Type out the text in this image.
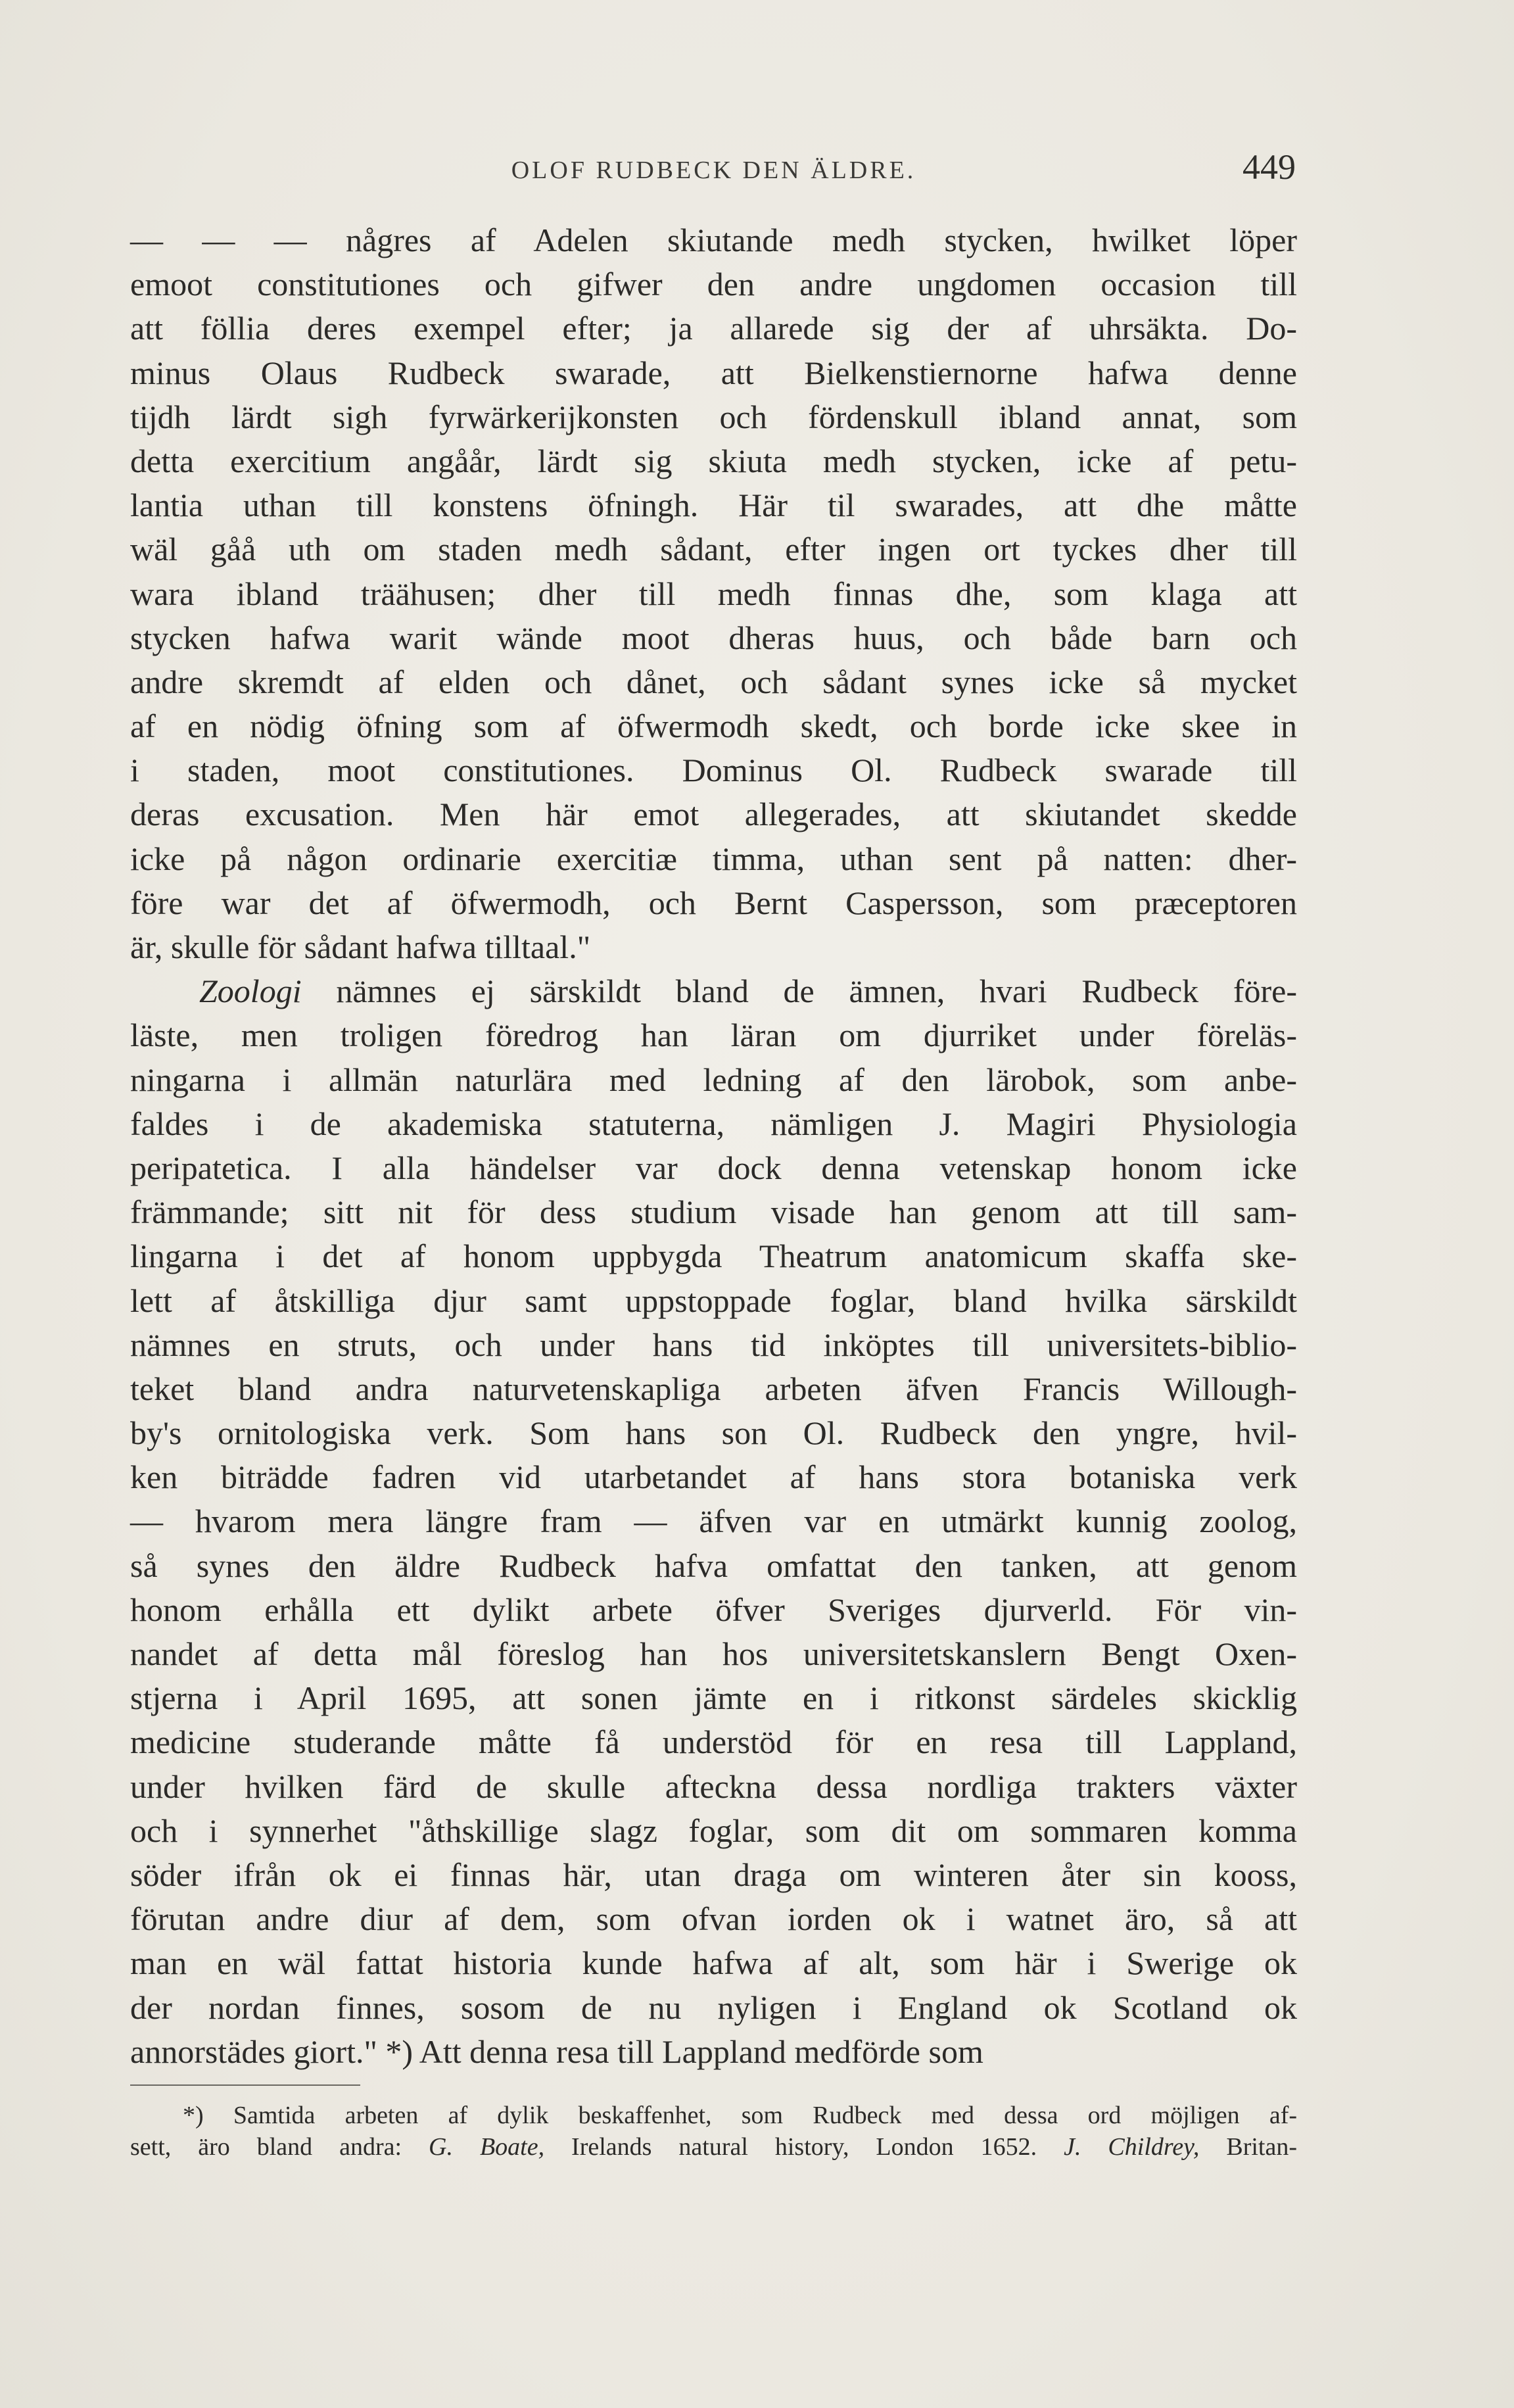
OLOF RUDBECK DEN ÄLDRE.	449
— — — någres af Adelen skiutande medh stycken, hwilket löper
emoot constitutiones och gifwer den andre ungdomen occasion till
att föllia deres exempel efter; ja allarede sig der af uhrsäkta. Do-
minus Olaus Rudbeck swarade, att Bielkenstiernorne hafwa denne
tijdh lärdt sigh fyrwärkerijkonsten och fördenskull ibland annat, som
detta exercitium angåår, lärdt sig skiuta medh stycken, icke af petu-
lantia uthan till konstens öfningh. Här til swarades, att dhe måtte
wäl gåå uth om staden medh sådant, efter ingen ort tyckes dher till
wara ibland träähusen; dher till medh finnas dhe, som klaga att
stycken hafwa warit wände moot dheras huus, och både barn och
andre skremdt af elden och dånet, och sådant synes icke så mycket
af en nödig öfning som af öfwermodh skedt, och borde icke skee in
i staden, moot constitutiones. Dominus Ol. Rudbeck swarade till
deras excusation. Men här emot allegerades, att skiutandet skedde
icke på någon ordinarie exercitiæ timma, uthan sent på natten: dher-
före war det af öfwermodh, och Bernt Caspersson, som præceptoren
är, skulle för sådant hafwa tilltaal."
Zoologi nämnes ej särskildt bland de ämnen, hvari Rudbeck före-
läste, men troligen föredrog han läran om djurriket under föreläs-
ningarna i allmän naturlära med ledning af den lärobok, som anbe-
faldes i de akademiska statuterna, nämligen J. Magiri Physiologia
peripatetica. I alla händelser var dock denna vetenskap honom icke
främmande; sitt nit för dess studium visade han genom att till sam-
lingarna i det af honom uppbygda Theatrum anatomicum skaffa ske-
lett af åtskilliga djur samt uppstoppade foglar, bland hvilka särskildt
nämnes en struts, och under hans tid inköptes till universitets-biblio-
teket bland andra naturvetenskapliga arbeten äfven Francis Willough-
by's ornitologiska verk. Som hans son Ol. Rudbeck den yngre, hvil-
ken biträdde fadren vid utarbetandet af hans stora botaniska verk
— hvarom mera längre fram — äfven var en utmärkt kunnig zoolog,
så synes den äldre Rudbeck hafva omfattat den tanken, att genom
honom erhålla ett dylikt arbete öfver Sveriges djurverld. För vin-
nandet af detta mål föreslog han hos universitetskanslern Bengt Oxen-
stjerna i April 1695, att sonen jämte en i ritkonst särdeles skicklig
medicine studerande måtte få understöd för en resa till Lappland,
under hvilken färd de skulle afteckna dessa nordliga trakters växter
och i synnerhet "åthskillige slagz foglar, som dit om sommaren komma
söder ifrån ok ei finnas här, utan draga om winteren åter sin kooss,
förutan andre diur af dem, som ofvan iorden ok i watnet äro, så att
man en wäl fattat historia kunde hafwa af alt, som här i Swerige ok
der nordan finnes, sosom de nu nyligen i England ok Scotland ok
annorstädes giort." *) Att denna resa till Lappland medförde som
*) Samtida arbeten af dylik beskaffenhet, som Rudbeck med dessa ord möjligen af-
sett, äro bland andra: G. Boate, Irelands natural history, London 1652. J. Childrey, Britan-
